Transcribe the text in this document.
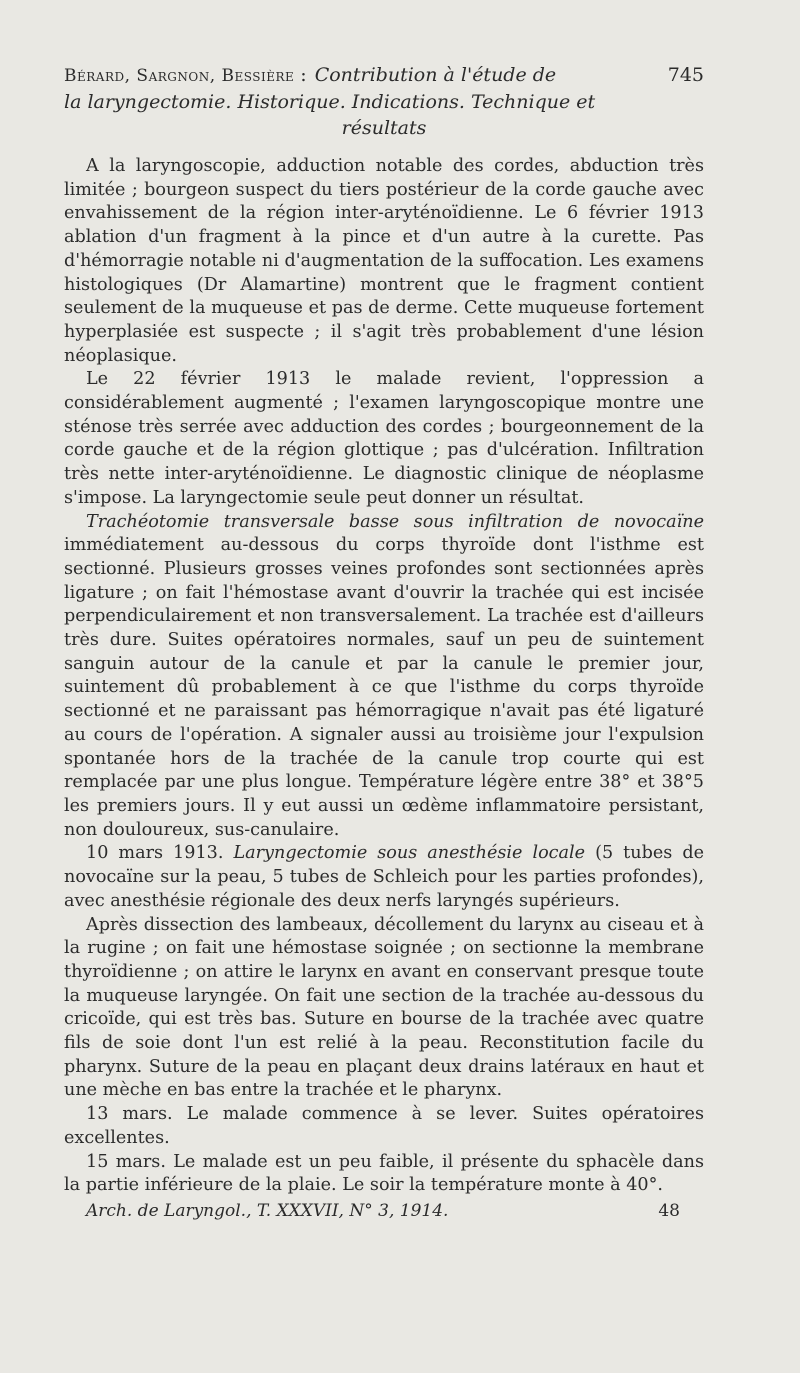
Bérard, Sargnon, Bessière : Contribution à l'étude de	745
la laryngectomie. Historique. Indications. Technique et
résultats

A la laryngoscopie, adduction notable des cordes, abduction très limitée ; bourgeon suspect du tiers postérieur de la corde gauche avec envahissement de la région inter-aryténoïdienne. Le 6 février 1913 ablation d'un fragment à la pince et d'un autre à la curette. Pas d'hémorragie notable ni d'augmentation de la suffocation. Les examens histologiques (Dr Alamartine) montrent que le fragment contient seulement de la muqueuse et pas de derme. Cette muqueuse fortement hyperplasiée est suspecte ; il s'agit très probablement d'une lésion néoplasique.

Le 22 février 1913 le malade revient, l'oppression a considérablement augmenté ; l'examen laryngoscopique montre une sténose très serrée avec adduction des cordes ; bourgeonnement de la corde gauche et de la région glottique ; pas d'ulcération. Infiltration très nette inter-aryténoïdienne. Le diagnostic clinique de néoplasme s'impose. La laryngectomie seule peut donner un résultat.

Trachéotomie transversale basse sous infiltration de novocaïne immédiatement au-dessous du corps thyroïde dont l'isthme est sectionné. Plusieurs grosses veines profondes sont sectionnées après ligature ; on fait l'hémostase avant d'ouvrir la trachée qui est incisée perpendiculairement et non transversalement. La trachée est d'ailleurs très dure. Suites opératoires normales, sauf un peu de suintement sanguin autour de la canule et par la canule le premier jour, suintement dû probablement à ce que l'isthme du corps thyroïde sectionné et ne paraissant pas hémorragique n'avait pas été ligaturé au cours de l'opération. A signaler aussi au troisième jour l'expulsion spontanée hors de la trachée de la canule trop courte qui est remplacée par une plus longue. Température légère entre 38° et 38°5 les premiers jours. Il y eut aussi un œdème inflammatoire persistant, non douloureux, sus-canulaire.

10 mars 1913. Laryngectomie sous anesthésie locale (5 tubes de novocaïne sur la peau, 5 tubes de Schleich pour les parties profondes), avec anesthésie régionale des deux nerfs laryngés supérieurs.

Après dissection des lambeaux, décollement du larynx au ciseau et à la rugine ; on fait une hémostase soignée ; on sectionne la membrane thyroïdienne ; on attire le larynx en avant en conservant presque toute la muqueuse laryngée. On fait une section de la trachée au-dessous du cricoïde, qui est très bas. Suture en bourse de la trachée avec quatre fils de soie dont l'un est relié à la peau. Reconstitution facile du pharynx. Suture de la peau en plaçant deux drains latéraux en haut et une mèche en bas entre la trachée et le pharynx.

13 mars. Le malade commence à se lever. Suites opératoires excellentes.

15 mars. Le malade est un peu faible, il présente du sphacèle dans la partie inférieure de la plaie. Le soir la température monte à 40°.

Arch. de Laryngol., T. XXXVII, N° 3, 1914.	48
